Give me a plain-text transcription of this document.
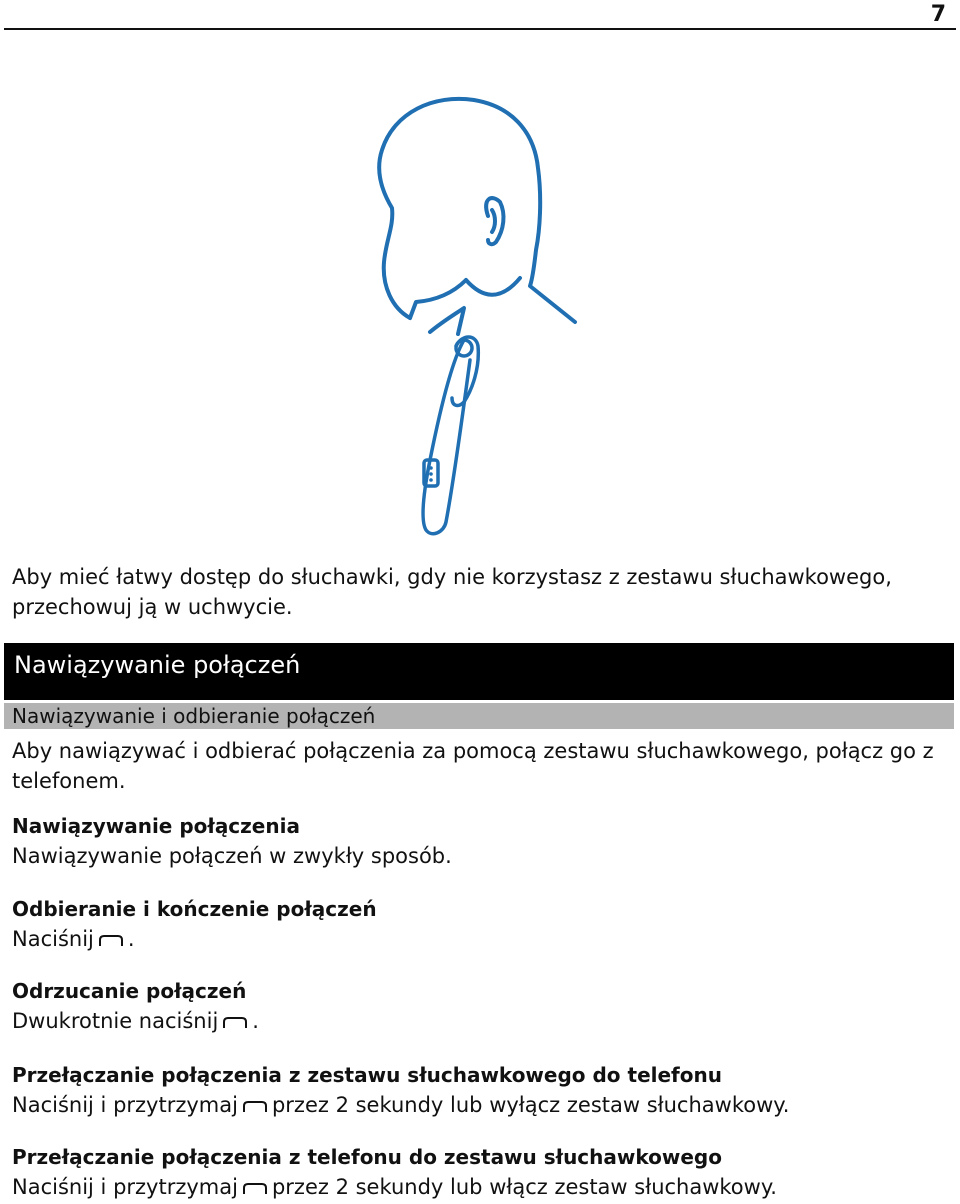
7
Aby mieć łatwy dostęp do słuchawki, gdy nie korzystasz z zestawu słuchawkowego, przechowuj ją w uchwycie.
Nawiązywanie połączeń
Nawiązywanie i odbieranie połączeń
Aby nawiązywać i odbierać połączenia za pomocą zestawu słuchawkowego, połącz go z telefonem.
Nawiązywanie połączenia

Nawiązywanie połączeń w zwykły sposób.

Odbieranie i kończenie połączeń

Naciśnij .

Odrzucanie połączeń

Dwukrotnie naciśnij .

Przełączanie połączenia z zestawu słuchawkowego do telefonu

Naciśnij i przytrzymaj przez 2 sekundy lub wyłącz zestaw słuchawkowy.

Przełączanie połączenia z telefonu do zestawu słuchawkowego

Naciśnij i przytrzymaj przez 2 sekundy lub włącz zestaw słuchawkowy.
